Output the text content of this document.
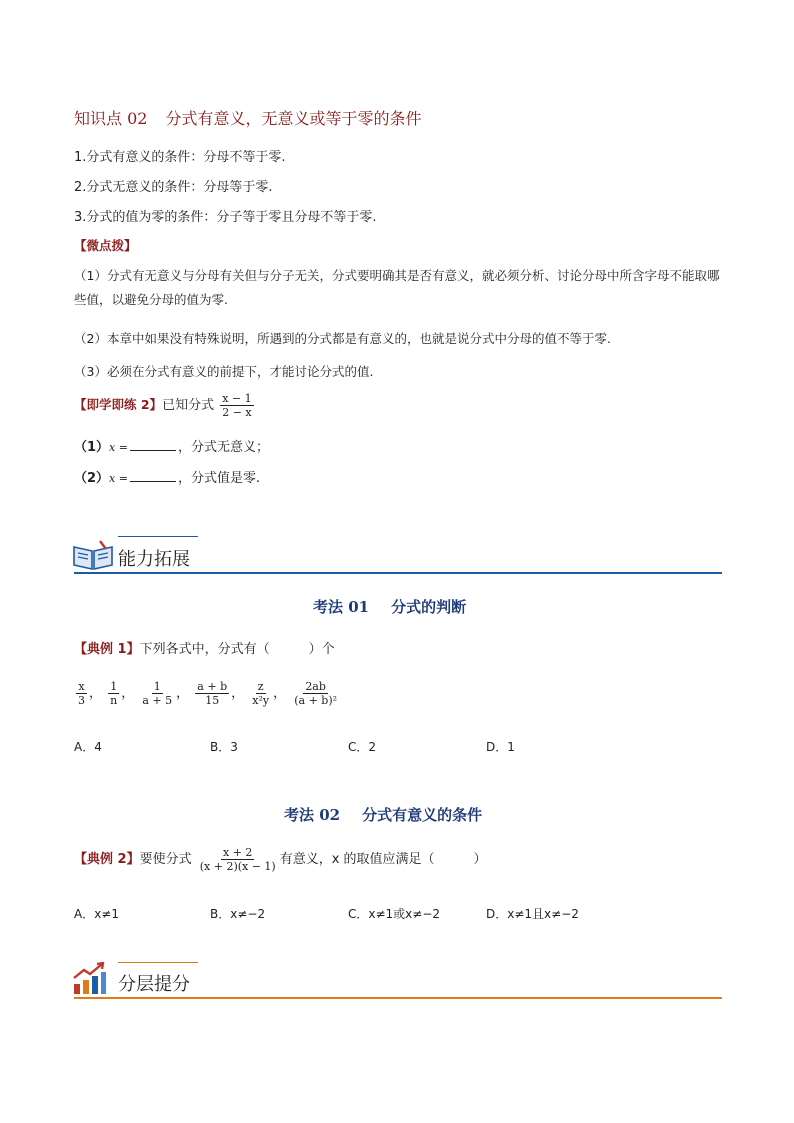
知识点 02 分式有意义，无意义或等于零的条件
1.分式有意义的条件：分母不等于零.
2.分式无意义的条件：分母等于零.
3.分式的值为零的条件：分子等于零且分母不等于零.
【微点拨】
（1）分式有无意义与分母有关但与分子无关，分式要明确其是否有意义，就必须分析、讨论分母中所含字母不能取哪些值，以避免分母的值为零.
（2）本章中如果没有特殊说明，所遇到的分式都是有意义的，也就是说分式中分母的值不等于零.
（3）必须在分式有意义的前提下，才能讨论分式的值.
【即学即练 2】已知分式 $\frac{x - 1}{2 - x}$
（1）x =	，分式无意义；
（2）x =	，分式值是零.
能力拓展
考法 01 分式的判断
【典例 1】下列各式中，分式有（　　　）个
$\frac{x}{3}$ ， $\frac{1}{n}$ ， $\frac{1}{a + 5}$ ， $\frac{a + b}{15}$ ， $\frac{z}{\text{x²y}}$ ， $\frac{2ab}{\text{(a + b)²}}$
A．4	B．3	C．2	D．1
考法 02 分式有意义的条件
【典例 2】要使分式 $\frac{x + 2}{(x + 2)(x - 1)}$ 有意义，x 的取值应满足（　　　）
A．x≠1	B．x≠−2	C．x≠1或x≠−2	D．x≠1且x≠−2
分层提分
